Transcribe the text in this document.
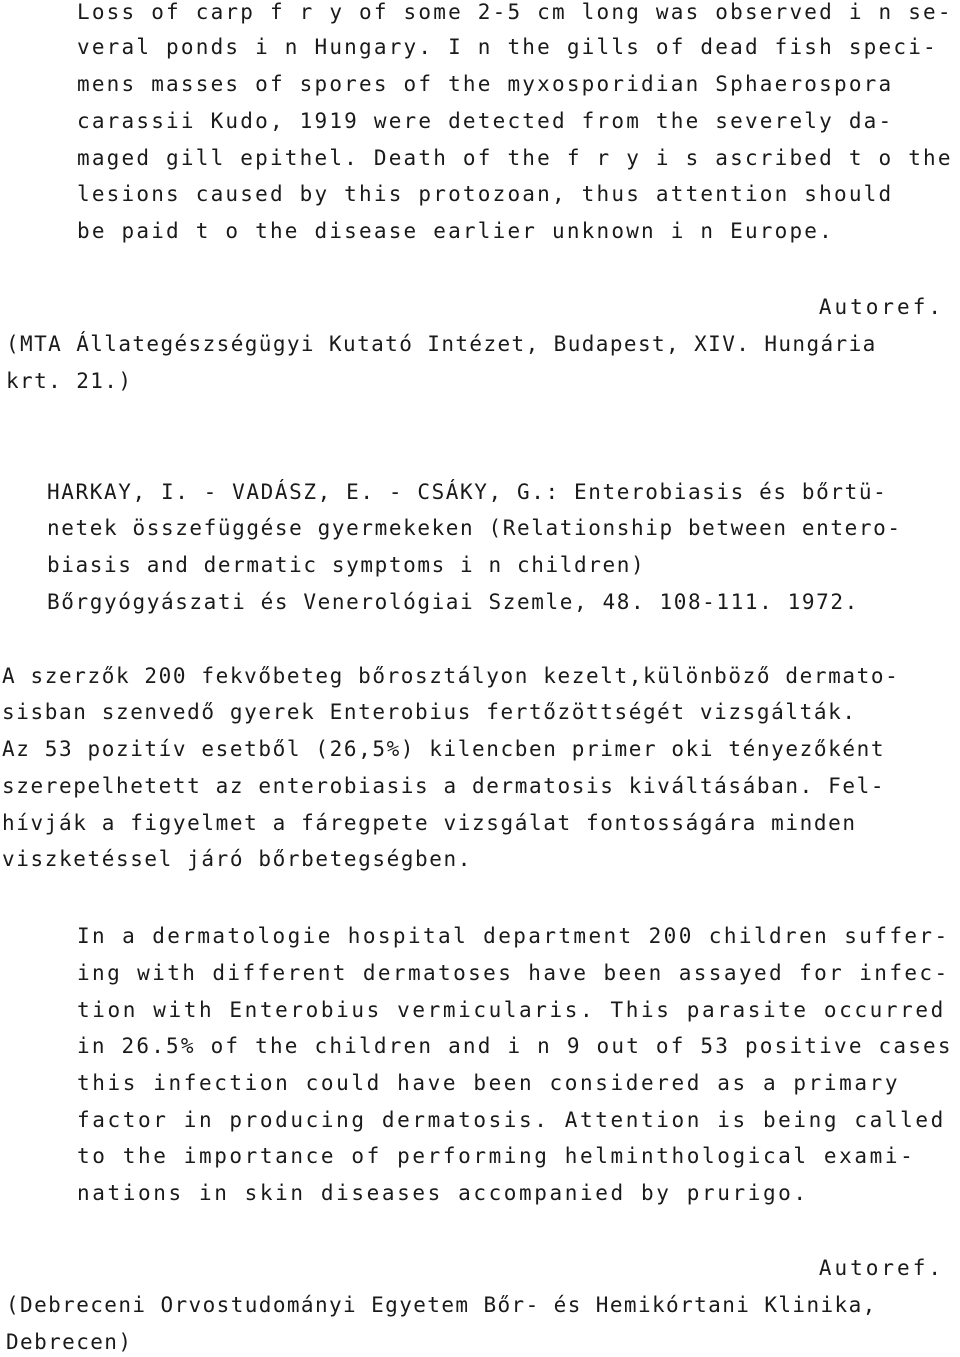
Loss of carp f r y of some 2-5 cm long was observed i n se-
veral ponds i n Hungary. I n the gills of dead fish speci-
mens masses of spores of the myxosporidian Sphaerospora
carassii Kudo, 1919 were detected from the severely da-
maged gill epithel. Death of the f r y i s ascribed t o the
lesions caused by this protozoan, thus attention should
be paid t o the disease earlier unknown i n Europe.
Autoref.
(MTA Állategészségügyi Kutató Intézet, Budapest, XIV. Hungária
krt. 21.)
HARKAY, I. - VADÁSZ, E. - CSÁKY, G.: Enterobiasis és bőrtü-
netek összefüggése gyermekeken (Relationship between entero-
biasis and dermatic symptoms i n children)
Bőrgyógyászati és Venerológiai Szemle, 48. 108-111. 1972.
A szerzők 200 fekvőbeteg bőrosztályon kezelt,különböző dermato-
sisban szenvedő gyerek Enterobius fertőzöttségét vizsgálták.
Az 53 pozitív esetből (26,5%) kilencben primer oki tényezőként
szerepelhetett az enterobiasis a dermatosis kiváltásában. Fel-
hívják a figyelmet a fáregpete vizsgálat fontosságára minden
viszketéssel járó bőrbetegségben.
In a dermatologie hospital department 200 children suffer-
ing with different dermatoses have been assayed for infec-
tion with Enterobius vermicularis. This parasite occurred
in 26.5% of the children and i n 9 out of 53 positive cases
this infection could have been considered as a primary
factor in producing dermatosis. Attention is being called
to the importance of performing helminthological exami-
nations in skin diseases accompanied by prurigo.
Autoref.
(Debreceni Orvostudományi Egyetem Bőr- és Hemikórtani Klinika,
Debrecen)
